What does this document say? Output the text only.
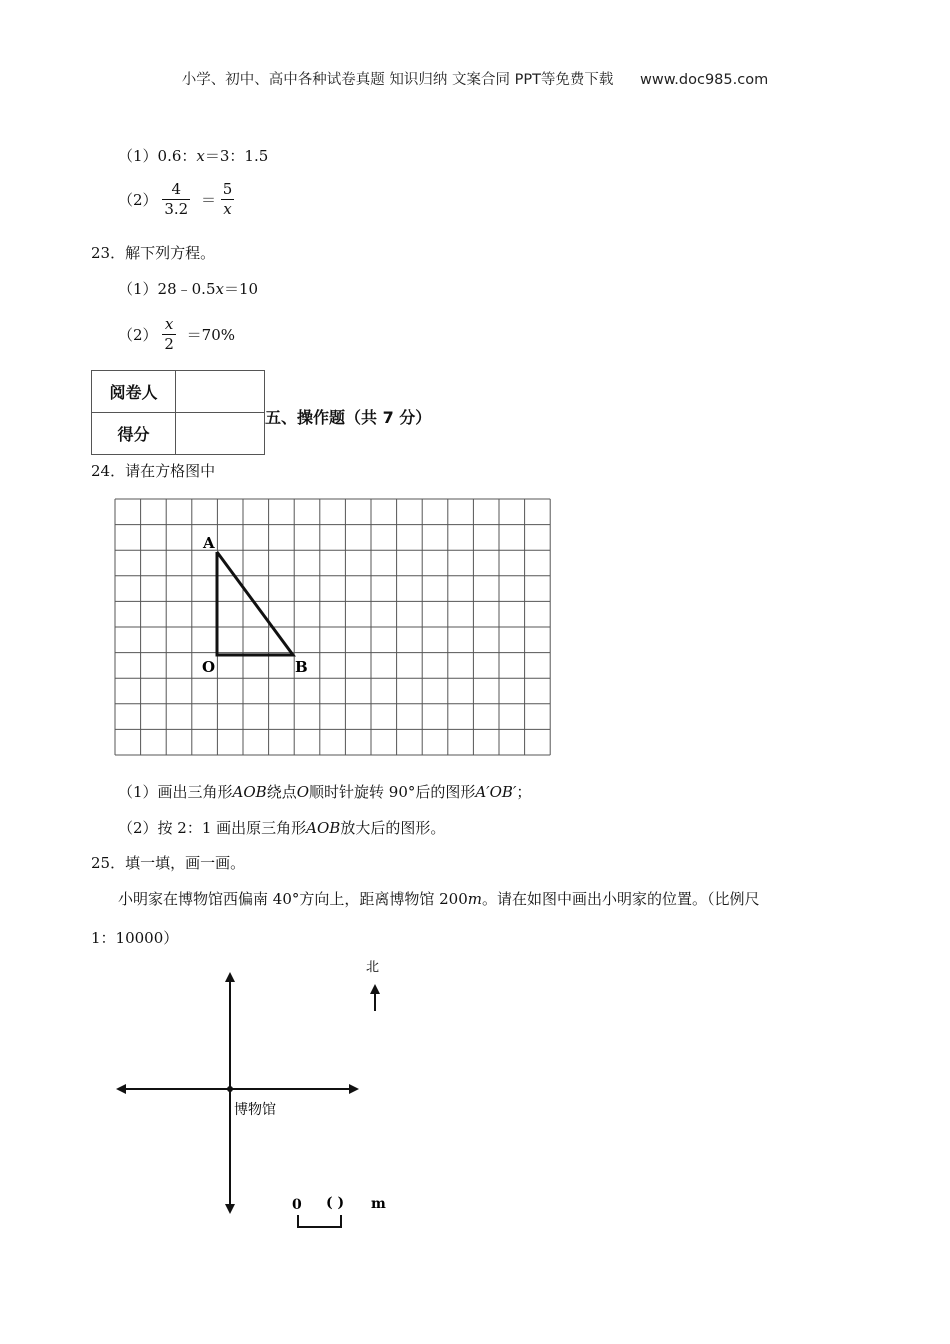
小学、初中、高中各种试卷真题 知识归纳 文案合同 PPT等免费下载 www.doc985.com
（1）0.6：x＝3：1.5
$(2) \frac{4}{3.2} = \frac{5}{x}$
23．解下列方程。
（1）28﹣0.5x＝10
$(2) \frac{x}{2} =70\%$
阅卷人	
得分	
五、操作题（共 7 分）
24．请在方格图中
A
O	B
（1）画出三角形AOB绕点O顺时针旋转 90°后的图形A′OB′；
（2）按 2：1 画出原三角形AOB放大后的图形。
25．填一填，画一画。
小明家在博物馆西偏南 40°方向上，距离博物馆 200m。请在如图中画出小明家的位置。（比例尺
1：10000）
博物馆
北
0 ( ) m
